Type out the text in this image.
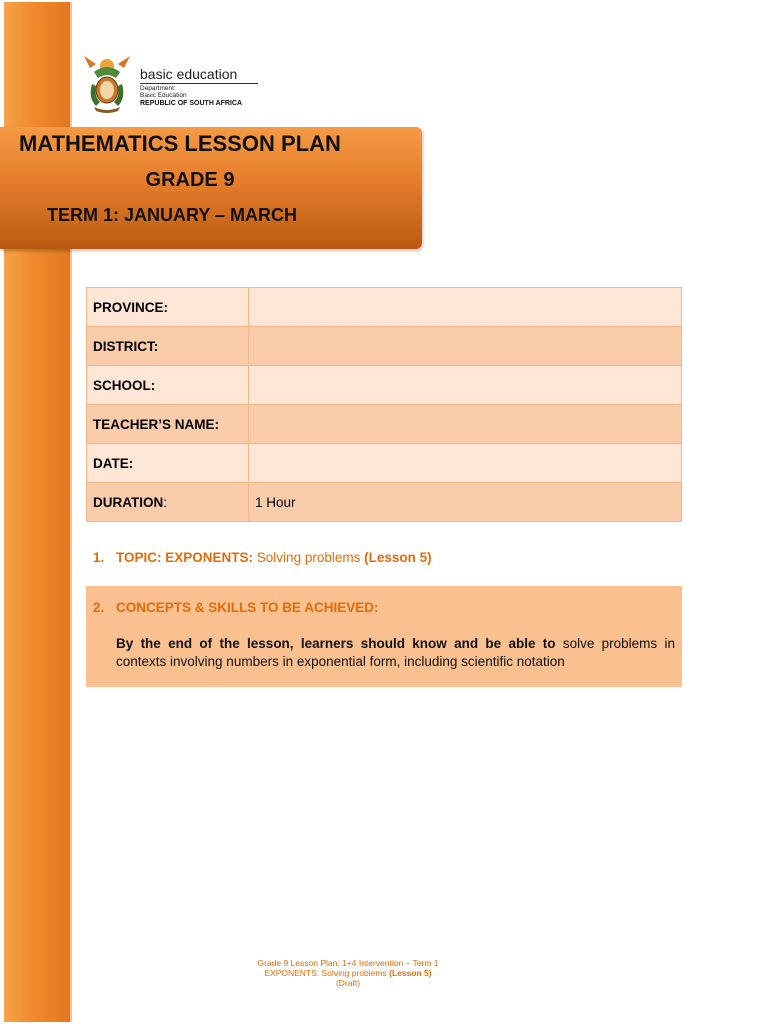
basic education
Department:
Basic Education
REPUBLIC OF SOUTH AFRICA
MATHEMATICS LESSON PLAN
GRADE 9
TERM 1: JANUARY – MARCH
PROVINCE:	
DISTRICT:	
SCHOOL:	
TEACHER’S NAME:	
DATE:	
DURATION:	1 Hour
1. TOPIC: EXPONENTS: Solving problems (Lesson 5)
2. CONCEPTS & SKILLS TO BE ACHIEVED:
By the end of the lesson, learners should know and be able to solve problems in contexts involving numbers in exponential form, including scientific notation
Grade 9 Lesson Plan: 1+4 Intervention – Term 1
EXPONENTS: Solving problems (Lesson 5)
(Draft)
